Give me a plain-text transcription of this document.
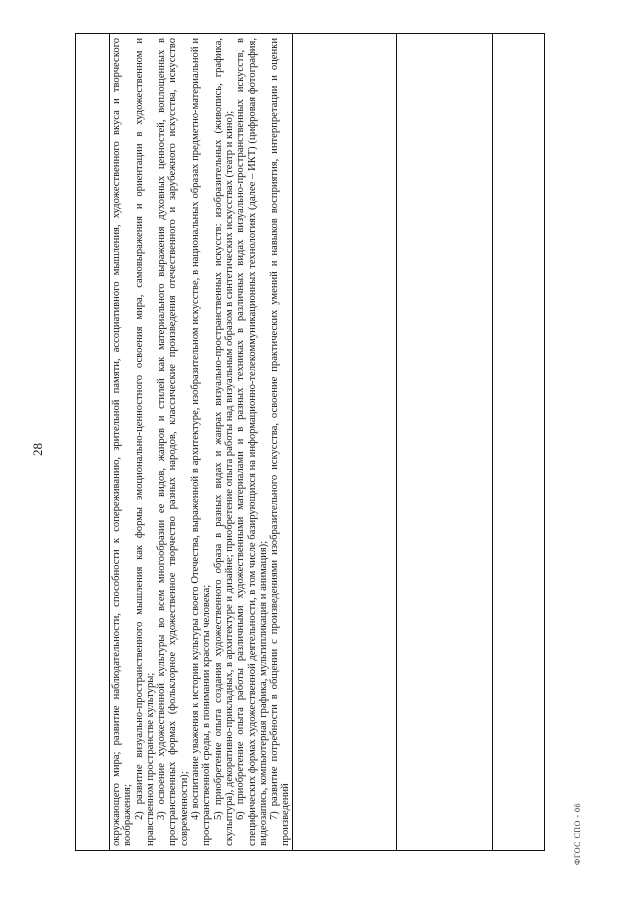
28	окружающего мира; развитие наблюдательности, способности к сопереживанию, зрительной памяти, ассоциативного мышления, художественного вкуса и творческого воображения; 2) развитие визуально-пространственного мышления как формы эмоционально-ценностного освоения мира, самовыражения и ориентации в художественном и нравственном пространстве культуры; 3) освоение художественной культуры во всем многообразии ее видов, жанров и стилей как материального выражения духовных ценностей, воплощенных в пространственных формах (фольклорное художественное творчество разных народов, классические произведения отечественного и зарубежного искусства, искусство современности); 4) воспитание уважения к истории культуры своего Отечества, выраженной в архитектуре, изобразительном искусстве, в национальных образах предметно-материальной и пространственной среды, в понимании красоты человека; 5) приобретение опыта создания художественного образа в разных видах и жанрах визуально-пространственных искусств: изобразительных (живопись, графика, скульптура), декоративно-прикладных, в архитектуре и дизайне; приобретение опыта работы над визуальным образом в синтетических искусствах (театр и кино); 6) приобретение опыта работы различными художественными материалами и в разных техниках в различных видах визуально-пространственных искусств, в специфических формах художественной деятельности, в том числе базирующихся на информационно-телекоммуникационных технологиях (далее – ИКТ) (цифровая фотография, видеозапись, компьютерная графика, мультипликация и анимация); 7) развитие потребности в общении с произведениями изобразительного искусства, освоение практических умений и навыков восприятия, интерпретации и оценки произведений	ФГОС СПО - 06
